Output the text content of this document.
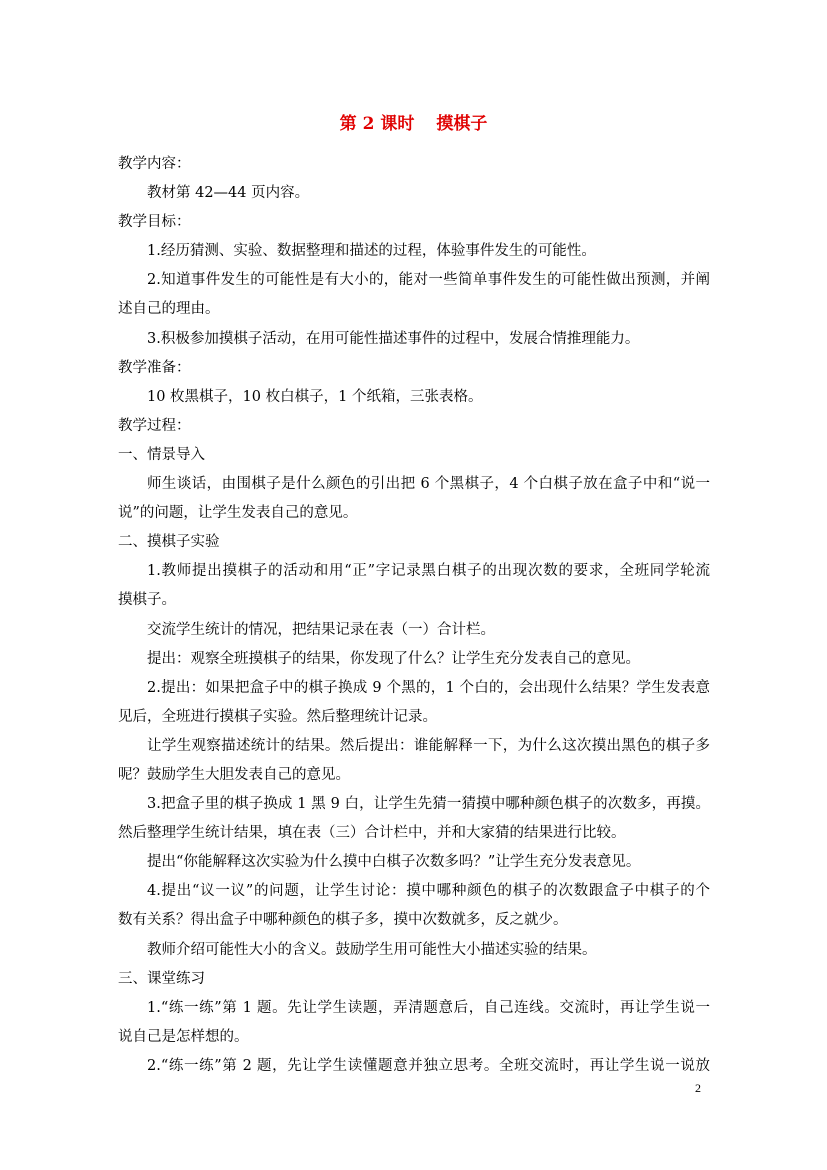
第 2 课时 摸棋子
教学内容：
教材第 42—44 页内容。
教学目标：
1.经历猜测、实验、数据整理和描述的过程，体验事件发生的可能性。
2.知道事件发生的可能性是有大小的，能对一些简单事件发生的可能性做出预测，并阐
述自己的理由。
3.积极参加摸棋子活动，在用可能性描述事件的过程中，发展合情推理能力。
教学准备：
10 枚黑棋子，10 枚白棋子，1 个纸箱，三张表格。
教学过程：
一、情景导入
师生谈话，由围棋子是什么颜色的引出把 6 个黑棋子，4 个白棋子放在盒子中和“说一
说”的问题，让学生发表自己的意见。
二、摸棋子实验
1.教师提出摸棋子的活动和用“正”字记录黑白棋子的出现次数的要求，全班同学轮流
摸棋子。
交流学生统计的情况，把结果记录在表（一）合计栏。
提出：观察全班摸棋子的结果，你发现了什么？让学生充分发表自己的意见。
2.提出：如果把盒子中的棋子换成 9 个黑的，1 个白的，会出现什么结果？学生发表意
见后，全班进行摸棋子实验。然后整理统计记录。
让学生观察描述统计的结果。然后提出：谁能解释一下，为什么这次摸出黑色的棋子多
呢？鼓励学生大胆发表自己的意见。
3.把盒子里的棋子换成 1 黑 9 白，让学生先猜一猜摸中哪种颜色棋子的次数多，再摸。
然后整理学生统计结果，填在表（三）合计栏中，并和大家猜的结果进行比较。
提出“你能解释这次实验为什么摸中白棋子次数多吗？”让学生充分发表意见。
4.提出“议一议”的问题，让学生讨论：摸中哪种颜色的棋子的次数跟盒子中棋子的个
数有关系？得出盒子中哪种颜色的棋子多，摸中次数就多，反之就少。
教师介绍可能性大小的含义。鼓励学生用可能性大小描述实验的结果。
三、课堂练习
1.“练一练”第 1 题。先让学生读题，弄清题意后，自己连线。交流时，再让学生说一
说自己是怎样想的。
2.“练一练”第 2 题，先让学生读懂题意并独立思考。全班交流时，再让学生说一说放
2
